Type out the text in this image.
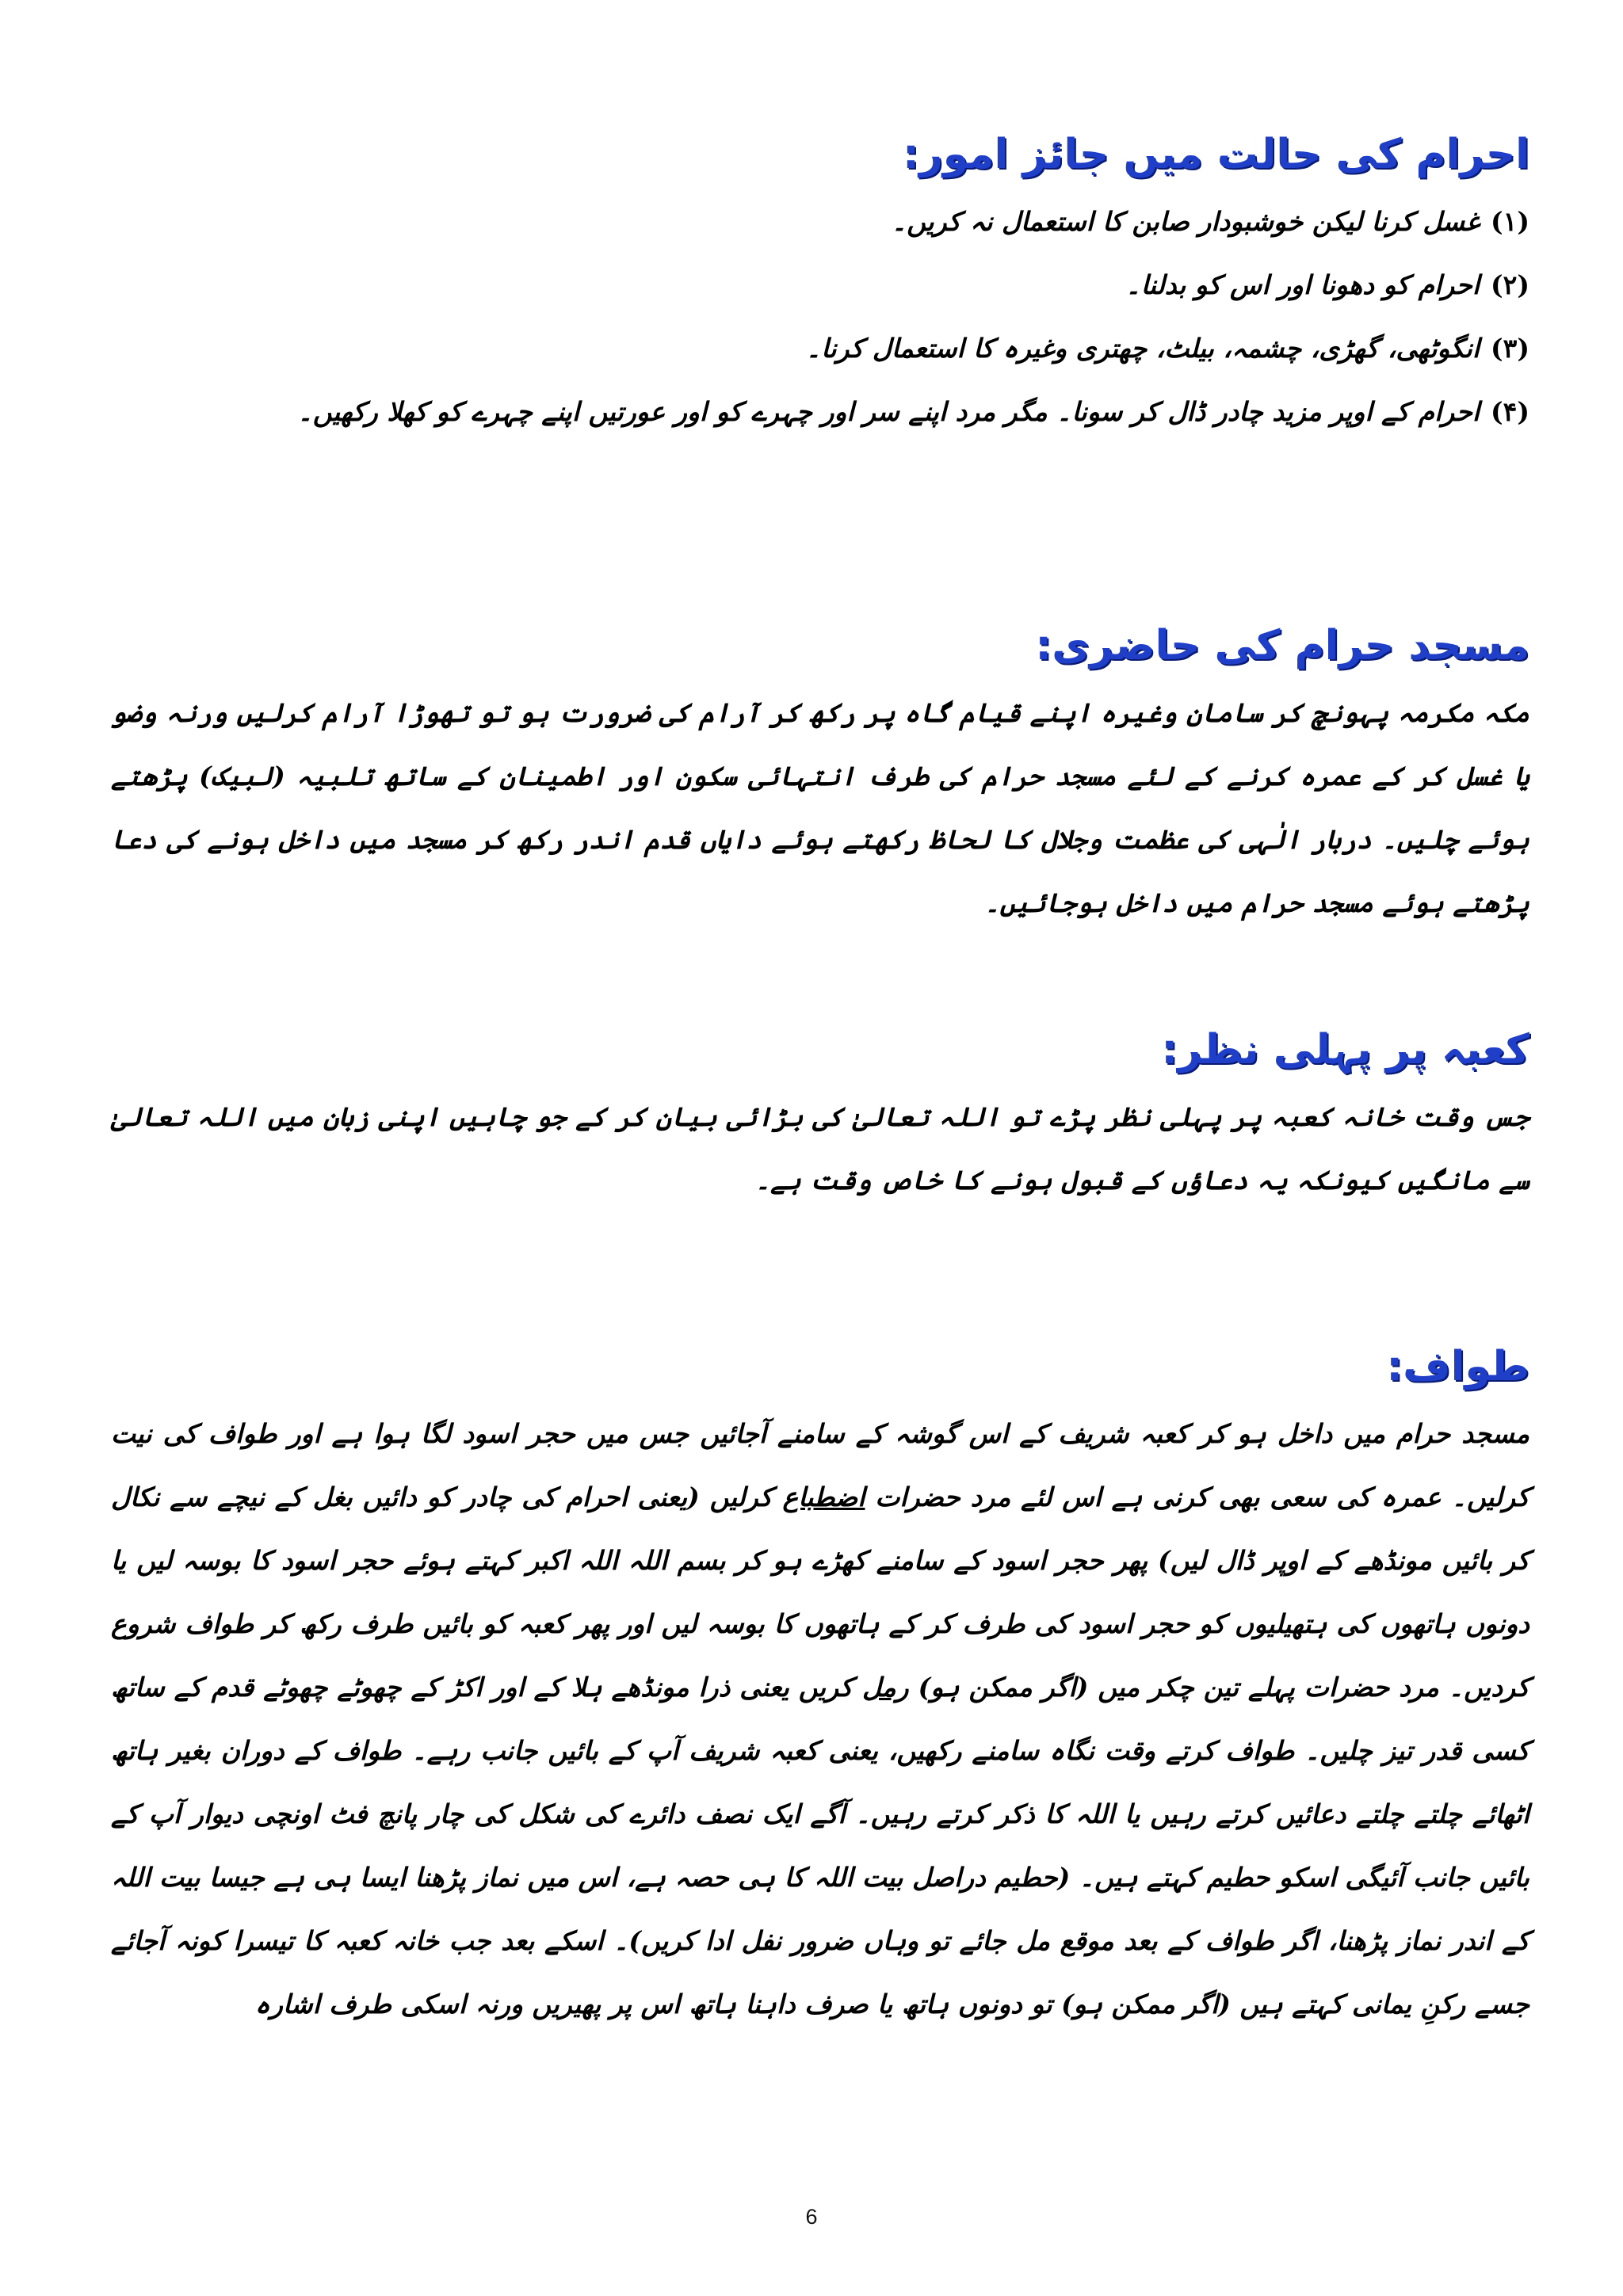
احرام کی حالت میں جائز امور:

(۱)غسل کرنا لیکن خوشبودار صابن کا استعمال نہ کریں۔

(۲)احرام کو دھونا اور اس کو بدلنا۔

(۳)انگوٹھی، گھڑی، چشمہ، بیلٹ، چھتری وغیرہ کا استعمال کرنا۔

(۴)احرام کے اوپر مزید چادر ڈال کر سونا۔ مگر مرد اپنے سر اور چہرے کو اور عورتیں اپنے چہرے کو کھلا رکھیں۔

مسجد حرام کی حاضری:

مکہ مکرمہ پہونچ کر سامان وغیرہ اپنے قیام گاہ پر رکھ کر آرام کی ضرورت ہو تو تھوڑا آرام کرلیں ورنہ وضو یا غسل کر کے عمرہ کرنے کے لئے مسجد حرام کی طرف انتہائی سکون اور اطمینان کے ساتھ تلبیہ (لبیک) پڑھتے ہوئے چلیں۔ دربار الٰہی کی عظمت وجلال کا لحاظ رکھتے ہوئے دایاں قدم اندر رکھ کر مسجد میں داخل ہونے کی دعا پڑھتے ہوئے مسجد حرام میں داخل ہوجائیں۔

کعبہ پر پہلی نظر:

جس وقت خانہ کعبہ پر پہلی نظر پڑے تو اللہ تعالیٰ کی بڑائی بیان کر کے جو چاہیں اپنی زبان میں اللہ تعالیٰ سے مانگیں کیونکہ یہ دعاؤں کے قبول ہونے کا خاص وقت ہے۔

طواف:

مسجد حرام میں داخل ہو کر کعبہ شریف کے اس گوشہ کے سامنے آجائیں جس میں حجر اسود لگا ہوا ہے اور طواف کی نیت کرلیں۔ عمرہ کی سعی بھی کرنی ہے اس لئے مرد حضرات اضطباع کرلیں (یعنی احرام کی چادر کو دائیں بغل کے نیچے سے نکال کر بائیں مونڈھے کے اوپر ڈال لیں) پھر حجر اسود کے سامنے کھڑے ہو کر بسم اللہ اللہ اکبر کہتے ہوئے حجر اسود کا بوسہ لیں یا دونوں ہاتھوں کی ہتھیلیوں کو حجر اسود کی طرف کر کے ہاتھوں کا بوسہ لیں اور پھر کعبہ کو بائیں طرف رکھ کر طواف شروع کردیں۔ مرد حضرات پہلے تین چکر میں (اگر ممکن ہو) رمل کریں یعنی ذرا مونڈھے ہلا کے اور اکڑ کے چھوٹے چھوٹے قدم کے ساتھ کسی قدر تیز چلیں۔ طواف کرتے وقت نگاہ سامنے رکھیں، یعنی کعبہ شریف آپ کے بائیں جانب رہے۔ طواف کے دوران بغیر ہاتھ اٹھائے چلتے چلتے دعائیں کرتے رہیں یا اللہ کا ذکر کرتے رہیں۔ آگے ایک نصف دائرے کی شکل کی چار پانچ فٹ اونچی دیوار آپ کے بائیں جانب آئیگی اسکو حطیم کہتے ہیں۔ (حطیم دراصل بیت اللہ کا ہی حصہ ہے، اس میں نماز پڑھنا ایسا ہی ہے جیسا بیت اللہ کے اندر نماز پڑھنا، اگر طواف کے بعد موقع مل جائے تو وہاں ضرور نفل ادا کریں)۔ اسکے بعد جب خانہ کعبہ کا تیسرا کونہ آجائے جسے رکنِ یمانی کہتے ہیں (اگر ممکن ہو) تو دونوں ہاتھ یا صرف داہنا ہاتھ اس پر پھیریں ورنہ اسکی طرف اشارہ

6
